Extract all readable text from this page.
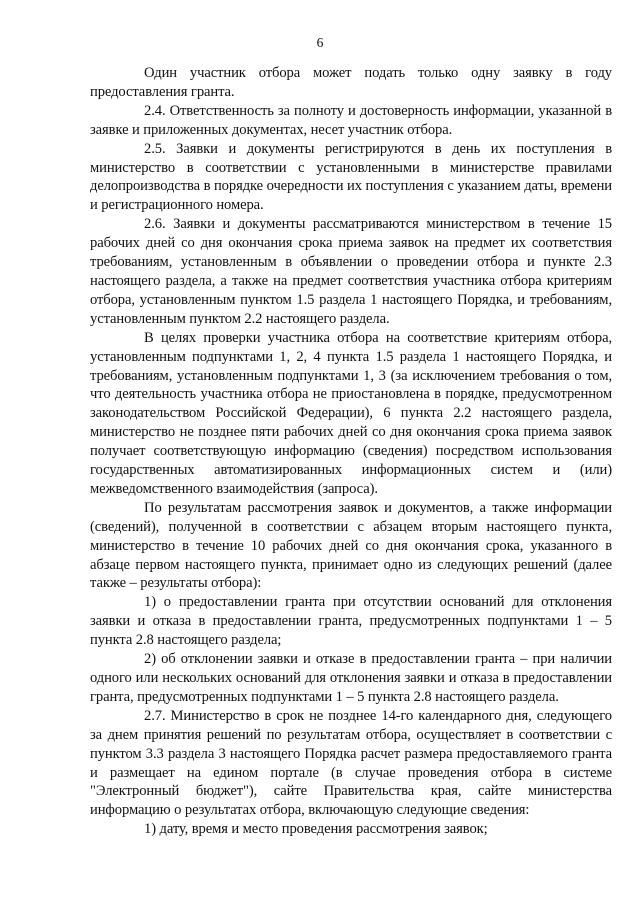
6

Один участник отбора может подать только одну заявку в году предоставления гранта.

2.4. Ответственность за полноту и достоверность информации, указанной в заявке и приложенных документах, несет участник отбора.

2.5. Заявки и документы регистрируются в день их поступления в министерство в соответствии с установленными в министерстве правилами делопроизводства в порядке очередности их поступления с указанием даты, времени и регистрационного номера.

2.6. Заявки и документы рассматриваются министерством в течение 15 рабочих дней со дня окончания срока приема заявок на предмет их соответствия требованиям, установленным в объявлении о проведении отбора и пункте 2.3 настоящего раздела, а также на предмет соответствия участника отбора критериям отбора, установленным пунктом 1.5 раздела 1 настоящего Порядка, и требованиям, установленным пунктом 2.2 настоящего раздела.

В целях проверки участника отбора на соответствие критериям отбора, установленным подпунктами 1, 2, 4 пункта 1.5 раздела 1 настоящего Порядка, и требованиям, установленным подпунктами 1, 3 (за исключением требования о том, что деятельность участника отбора не приостановлена в порядке, предусмотренном законодательством Российской Федерации), 6 пункта 2.2 настоящего раздела, министерство не позднее пяти рабочих дней со дня окончания срока приема заявок получает соответствующую информацию (сведения) посредством использования государственных автоматизированных информационных систем и (или) межведомственного взаимодействия (запроса).

По результатам рассмотрения заявок и документов, а также информации (сведений), полученной в соответствии с абзацем вторым настоящего пункта, министерство в течение 10 рабочих дней со дня окончания срока, указанного в абзаце первом настоящего пункта, принимает одно из следующих решений (далее также – результаты отбора):

1) о предоставлении гранта при отсутствии оснований для отклонения заявки и отказа в предоставлении гранта, предусмотренных подпунктами 1 – 5 пункта 2.8 настоящего раздела;

2) об отклонении заявки и отказе в предоставлении гранта – при наличии одного или нескольких оснований для отклонения заявки и отказа в предоставлении гранта, предусмотренных подпунктами 1 – 5 пункта 2.8 настоящего раздела.

2.7. Министерство в срок не позднее 14-го календарного дня, следующего за днем принятия решений по результатам отбора, осуществляет в соответствии с пунктом 3.3 раздела 3 настоящего Порядка расчет размера предоставляемого гранта и размещает на едином портале (в случае проведения отбора в системе "Электронный бюджет"), сайте Правительства края, сайте министерства информацию о результатах отбора, включающую следующие сведения:

1) дату, время и место проведения рассмотрения заявок;
